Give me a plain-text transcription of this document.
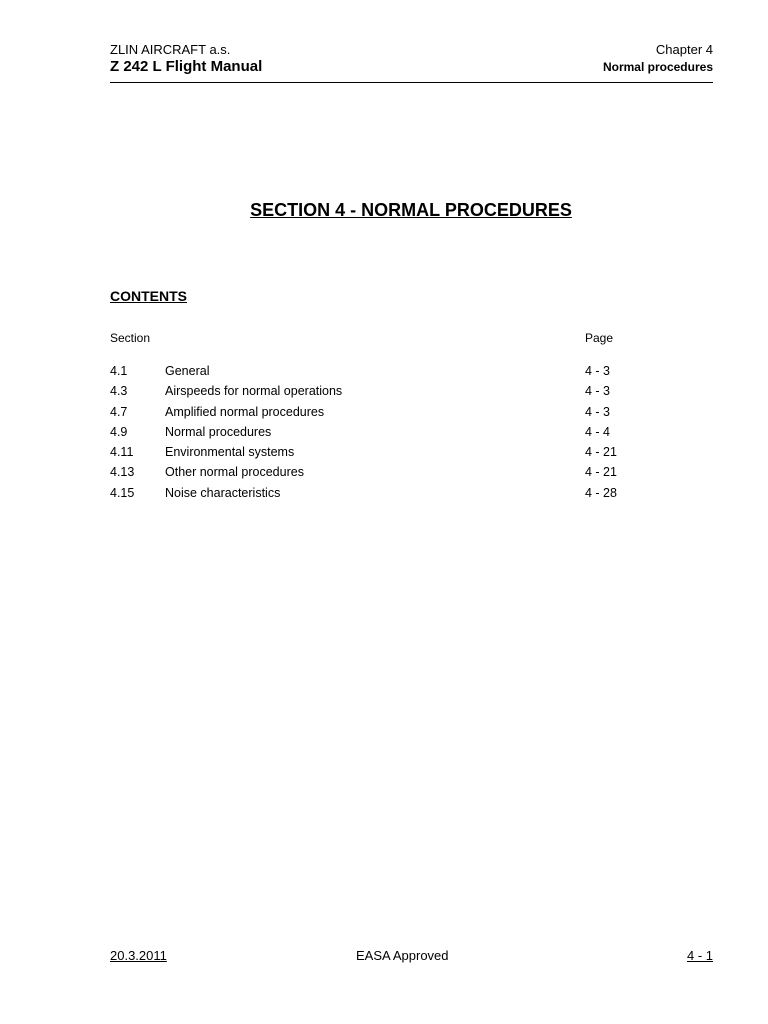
ZLIN AIRCRAFT a.s.
Z 242 L Flight Manual
Chapter 4
Normal procedures
SECTION 4 - NORMAL PROCEDURES
CONTENTS
Section	Page
4.1	General	4 - 3
4.3	Airspeeds for normal operations	4 - 3
4.7	Amplified normal procedures	4 - 3
4.9	Normal procedures	4 - 4
4.11	Environmental systems	4 - 21
4.13 Other normal procedures	4 - 21
4.15 Noise characteristics	4 - 28
20.3.2011	EASA Approved	4 - 1
